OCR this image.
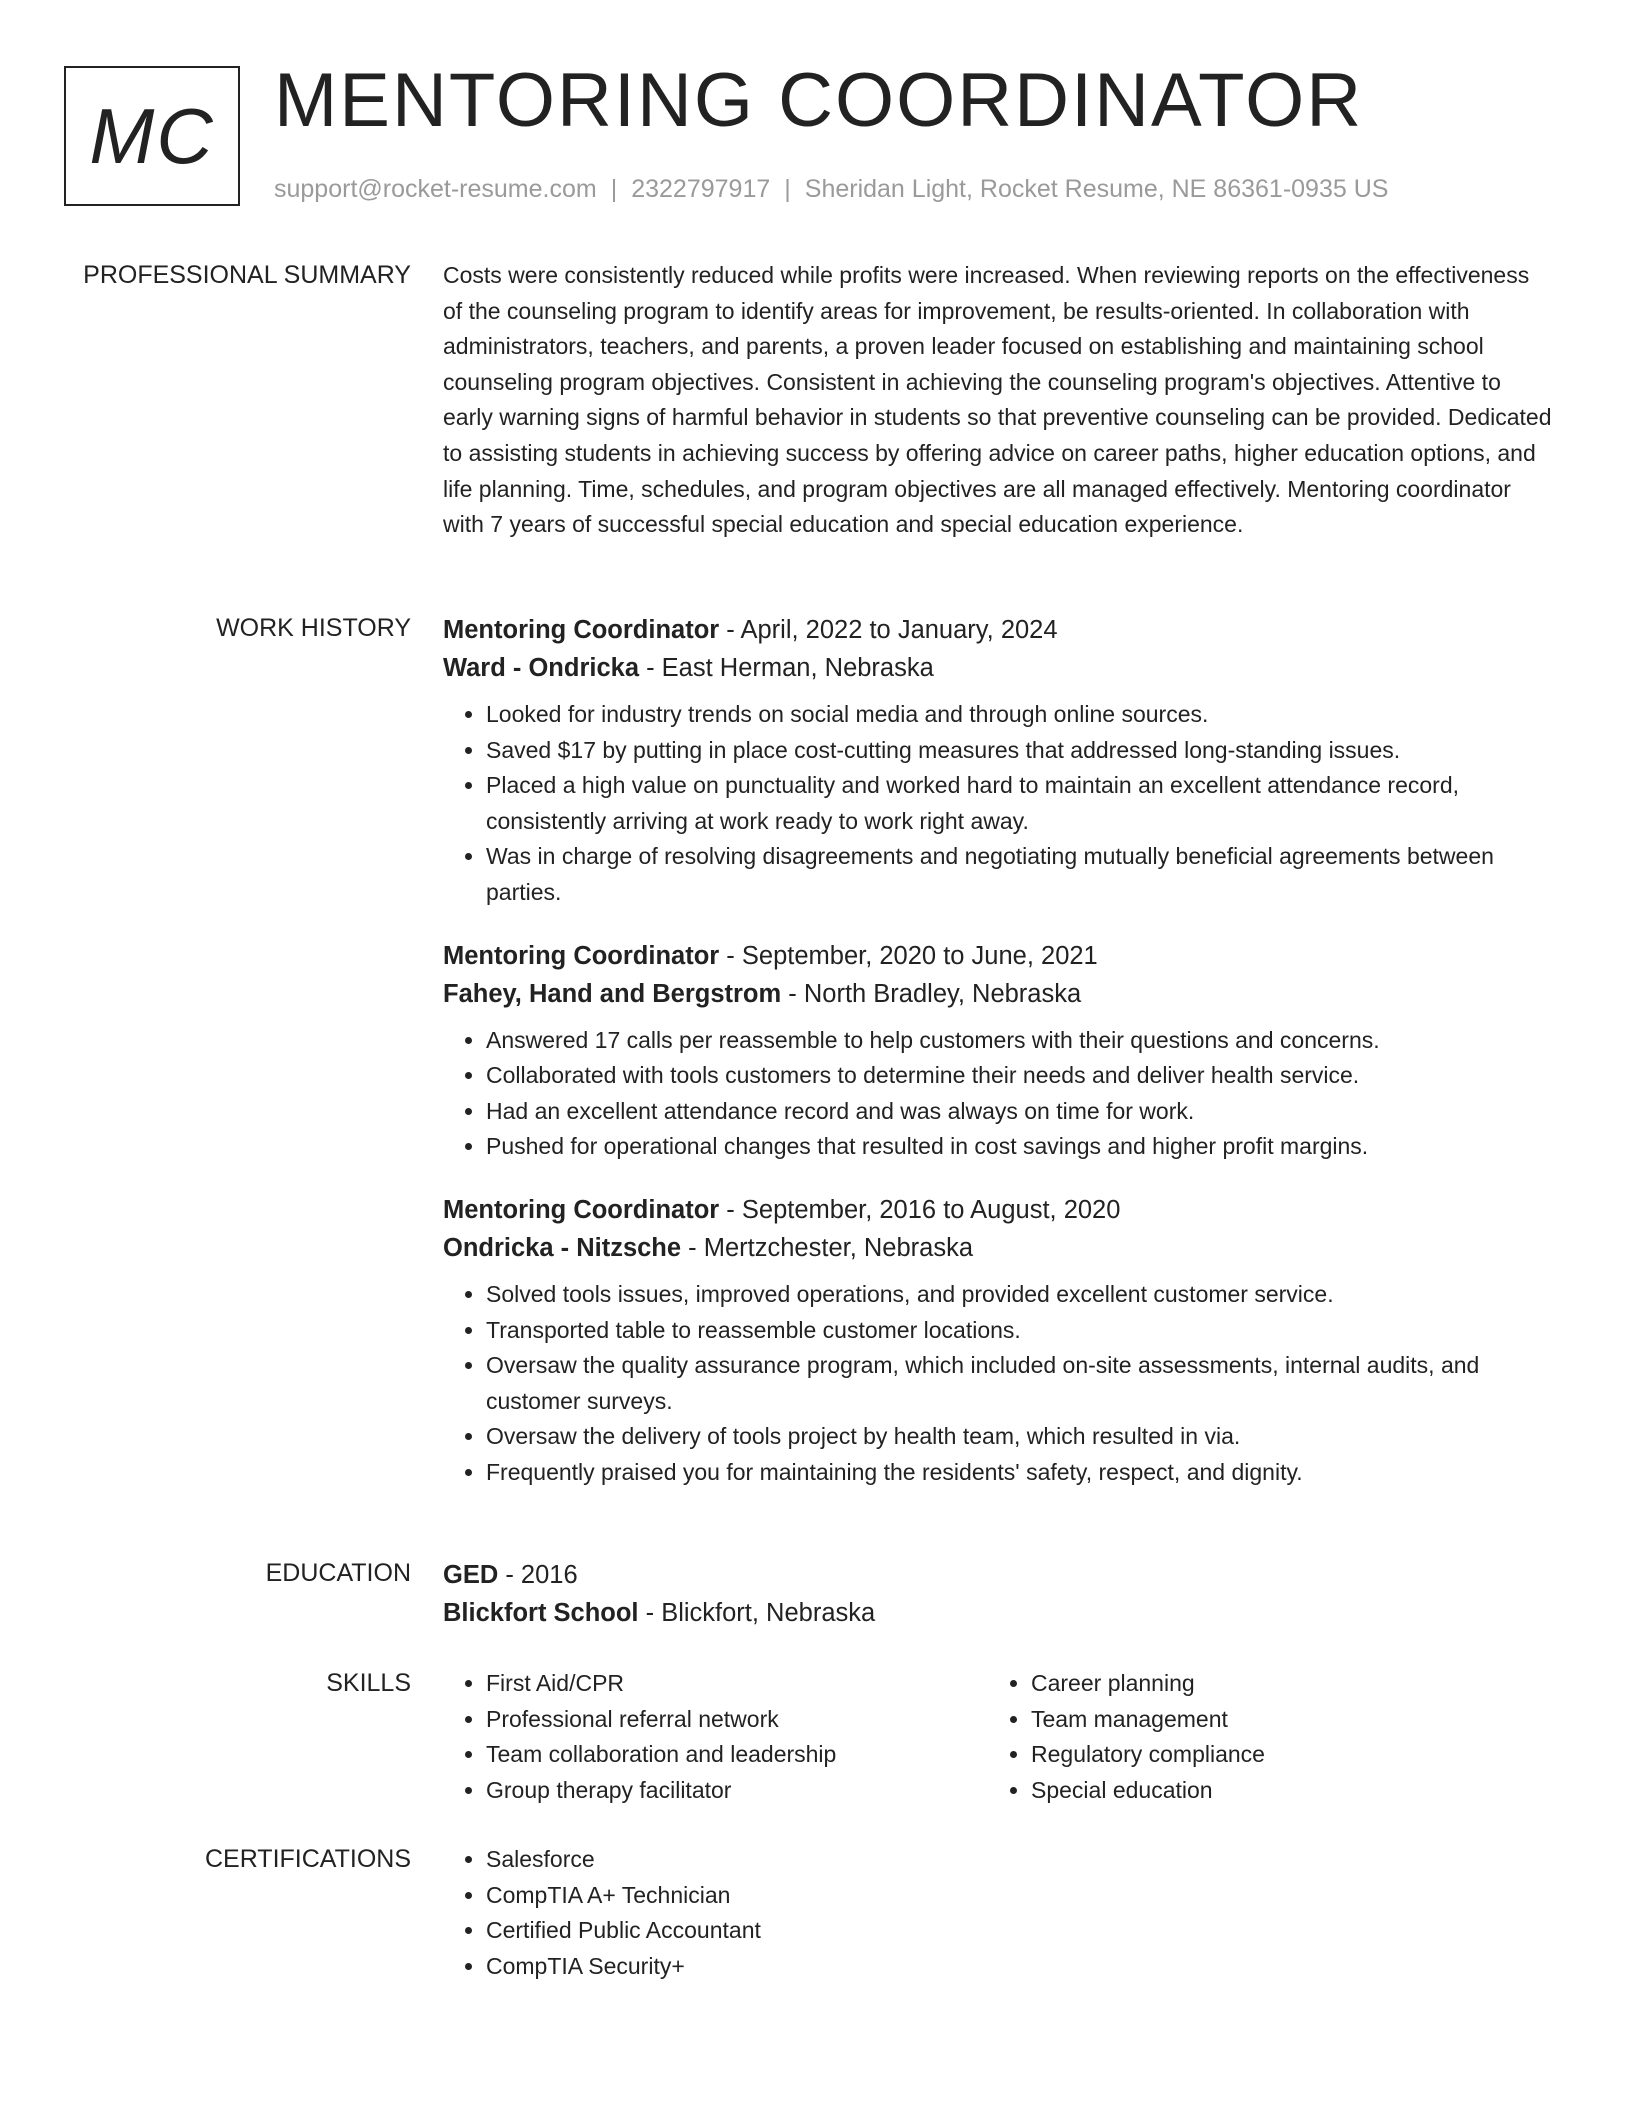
MC MENTORING COORDINATOR
support@rocket-resume.com | 2322797917 | Sheridan Light, Rocket Resume, NE 86361-0935 US
PROFESSIONAL SUMMARY Costs were consistently reduced while profits were increased. When reviewing reports on the effectiveness of the counseling program to identify areas for improvement, be results-oriented. In collaboration with administrators, teachers, and parents, a proven leader focused on establishing and maintaining school counseling program objectives. Consistent in achieving the counseling program's objectives. Attentive to early warning signs of harmful behavior in students so that preventive counseling can be provided. Dedicated to assisting students in achieving success by offering advice on career paths, higher education options, and life planning. Time, schedules, and program objectives are all managed effectively. Mentoring coordinator with 7 years of successful special education and special education experience.

WORK HISTORY Mentoring Coordinator - April, 2022 to January, 2024
Ward - Ondricka - East Herman, Nebraska
• Looked for industry trends on social media and through online sources.
• Saved $17 by putting in place cost-cutting measures that addressed long-standing issues.
• Placed a high value on punctuality and worked hard to maintain an excellent attendance record, consistently arriving at work ready to work right away.
• Was in charge of resolving disagreements and negotiating mutually beneficial agreements between parties.
Mentoring Coordinator - September, 2020 to June, 2021
Fahey, Hand and Bergstrom - North Bradley, Nebraska
• Answered 17 calls per reassemble to help customers with their questions and concerns.
• Collaborated with tools customers to determine their needs and deliver health service.
• Had an excellent attendance record and was always on time for work.
• Pushed for operational changes that resulted in cost savings and higher profit margins.
Mentoring Coordinator - September, 2016 to August, 2020
Ondricka - Nitzsche - Mertzchester, Nebraska
• Solved tools issues, improved operations, and provided excellent customer service.
• Transported table to reassemble customer locations.
• Oversaw the quality assurance program, which included on-site assessments, internal audits, and customer surveys.
• Oversaw the delivery of tools project by health team, which resulted in via.
• Frequently praised you for maintaining the residents' safety, respect, and dignity.
EDUCATION GED - 2016
Blickfort School - Blickfort, Nebraska
SKILLS	• First Aid/CPR
• Professional referral network
• Team collaboration and leadership
• Group therapy facilitator
• Career planning
• Team management
• Regulatory compliance
• Special education
CERTIFICATIONS	• Salesforce
• CompTIA A+ Technician
• Certified Public Accountant
• CompTIA Security+
